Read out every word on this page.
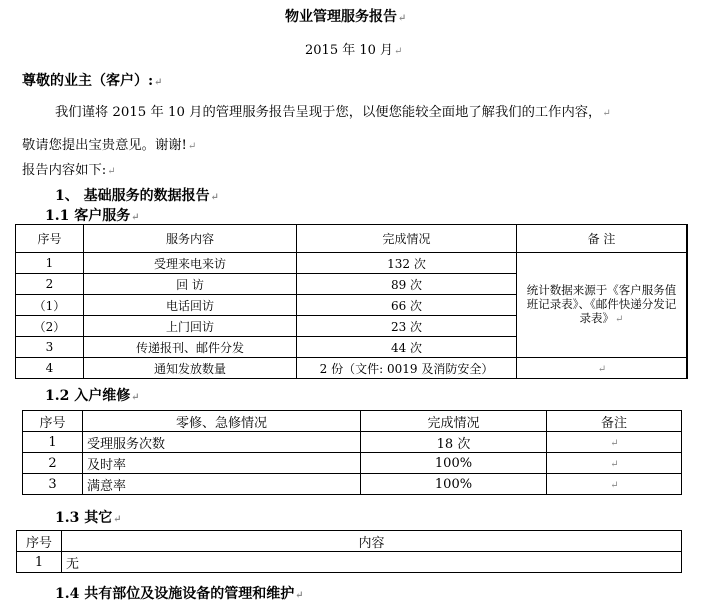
物业管理服务报告↵
2015 年 10 月↵
尊敬的业主（客户）:↵
我们谨将 2015 年 10 月的管理服务报告呈现于您，以便您能较全面地了解我们的工作内容，↵
敬请您提出宝贵意见。谢谢!↵
报告内容如下:↵
1、 基础服务的数据报告↵
1.1 客户服务↵
序号	服务内容	完成情况	备 注
1	受理来电来访	132 次	统计数据来源于《客户服务值班记录表》、《邮件快递分发记录表》↵
2	回 访	89 次	
（1）	电话回访	66 次	
（2）	上门回访	23 次	
3	传递报刊、邮件分发	44 次	
4	通知发放数量	2 份（文件: 0019 及消防安全）	↵
1.2 入户维修↵
序号	零修、急修情况	完成情况	备注
1	受理服务次数	18 次	↵
2	及时率	100%	↵
3	满意率	100%	↵
1.3 其它↵
序号	内容
1	无
1.4 共有部位及设施设备的管理和维护↵
